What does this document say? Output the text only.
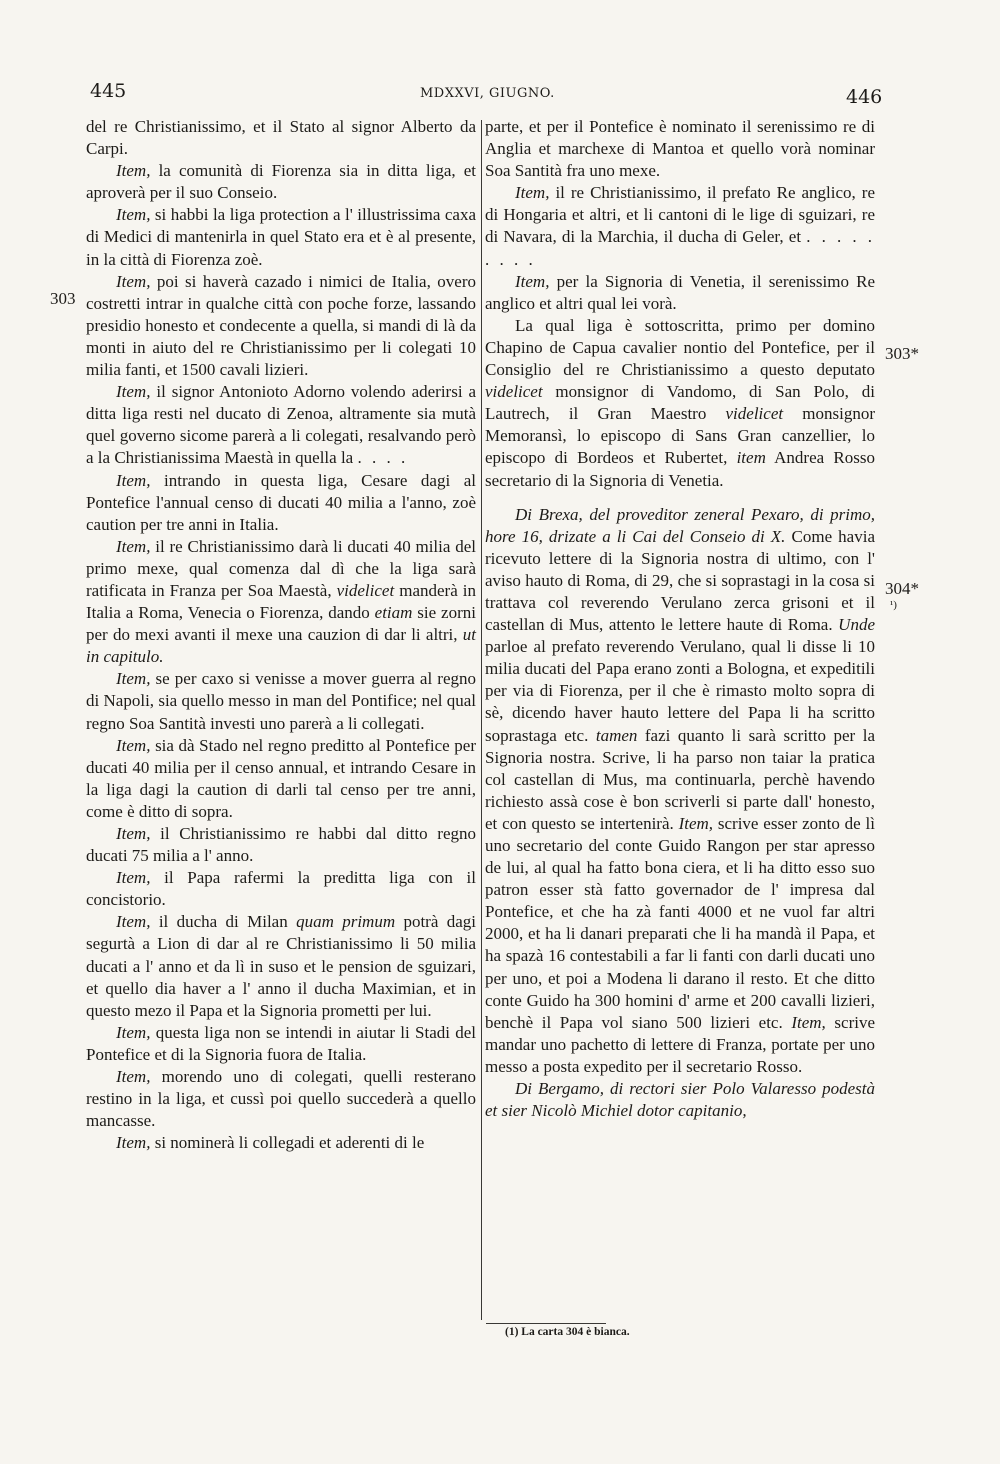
445	MDXXVI, GIUGNO.	446
303
303*
304*
¹)

del re Christianissimo, et il Stato al signor Alberto da Carpi.

Item, la comunità di Fiorenza sia in ditta liga, et aproverà per il suo Conseio.

Item, si habbi la liga protection a l' illustrissima caxa di Medici di mantenirla in quel Stato era et è al presente, in la città di Fiorenza zoè.

Item, poi si haverà cazado i nimici de Italia, overo costretti intrar in qualche città con poche forze, lassando presidio honesto et condecente a quella, si mandi di là da monti in aiuto del re Christianissimo per li colegati 10 milia fanti, et 1500 cavali lizieri.

Item, il signor Antonioto Adorno volendo aderirsi a ditta liga resti nel ducato di Zenoa, altramente sia mutà quel governo sicome parerà a li colegati, resalvando però a la Christianissima Maestà in quella la . . . .

Item, intrando in questa liga, Cesare dagi al Pontefice l'annual censo di ducati 40 milia a l'anno, zoè caution per tre anni in Italia.

Item, il re Christianissimo darà li ducati 40 milia del primo mexe, qual comenza dal dì che la liga sarà ratificata in Franza per Soa Maestà, videlicet manderà in Italia a Roma, Venecia o Fiorenza, dando etiam sie zorni per do mexi avanti il mexe una cauzion di dar li altri, ut in capitulo.

Item, se per caxo si venisse a mover guerra al regno di Napoli, sia quello messo in man del Pontifice; nel qual regno Soa Santità investi uno parerà a li collegati.

Item, sia dà Stado nel regno preditto al Pontefice per ducati 40 milia per il censo annual, et intrando Cesare in la liga dagi la caution di darli tal censo per tre anni, come è ditto di sopra.

Item, il Christianissimo re habbi dal ditto regno ducati 75 milia a l' anno.

Item, il Papa rafermi la preditta liga con il concistorio.

Item, il ducha di Milan quam primum potrà dagi segurtà a Lion di dar al re Christianissimo li 50 milia ducati a l' anno et da lì in suso et le pension de sguizari, et quello dia haver a l' anno il ducha Maximian, et in questo mezo il Papa et la Signoria prometti per lui.

Item, questa liga non se intendi in aiutar li Stadi del Pontefice et di la Signoria fuora de Italia.

Item, morendo uno di colegati, quelli resterano restino in la liga, et cussì poi quello succederà a quello mancasse.

Item, si nominerà li collegadi et aderenti di le

parte, et per il Pontefice è nominato il serenissimo re di Anglia et marchexe di Mantoa et quello vorà nominar Soa Santità fra uno mexe.

Item, il re Christianissimo, il prefato Re anglico, re di Hongaria et altri, et li cantoni di le lige di sguizari, re di Navara, di la Marchia, il ducha di Geler, et . . . . . . . . .

Item, per la Signoria di Venetia, il serenissimo Re anglico et altri qual lei vorà.

La qual liga è sottoscritta, primo per domino Chapino de Capua cavalier nontio del Pontefice, per il Consiglio del re Christianissimo a questo deputato videlicet monsignor di Vandomo, di San Polo, di Lautrech, il Gran Maestro videlicet monsignor Memoransì, lo episcopo di Sans Gran canzellier, lo episcopo di Bordeos et Rubertet, item Andrea Rosso secretario di la Signoria di Venetia.

Di Brexa, del proveditor zeneral Pexaro, di primo, hore 16, drizate a li Cai del Conseio di X. Come havia ricevuto lettere di la Signoria nostra di ultimo, con l' aviso hauto di Roma, di 29, che si soprastagi in la cosa si trattava col reverendo Verulano zerca grisoni et il castellan di Mus, attento le lettere haute di Roma. Unde parloe al prefato reverendo Verulano, qual li disse li 10 milia ducati del Papa erano zonti a Bologna, et expeditili per via di Fiorenza, per il che è rimasto molto sopra di sè, dicendo haver hauto lettere del Papa li ha scritto soprastaga etc. tamen fazi quanto li sarà scritto per la Signoria nostra. Scrive, li ha parso non taiar la pratica col castellan di Mus, ma continuarla, perchè havendo richiesto assà cose è bon scriverli si parte dall' honesto, et con questo se intertenirà. Item, scrive esser zonto de lì uno secretario del conte Guido Rangon per star apresso de lui, al qual ha fatto bona ciera, et li ha ditto esso suo patron esser stà fatto governador de l' impresa dal Pontefice, et che ha zà fanti 4000 et ne vuol far altri 2000, et ha li danari preparati che li ha mandà il Papa, et ha spazà 16 contestabili a far li fanti con darli ducati uno per uno, et poi a Modena li darano il resto. Et che ditto conte Guido ha 300 homini d' arme et 200 cavalli lizieri, benchè il Papa vol siano 500 lizieri etc. Item, scrive mandar uno pachetto di lettere di Franza, portate per uno messo a posta expedito per il secretario Rosso.

Di Bergamo, di rectori sier Polo Valaresso podestà et sier Nicolò Michiel dotor capitanio,

(1) La carta 304 è bianca.
